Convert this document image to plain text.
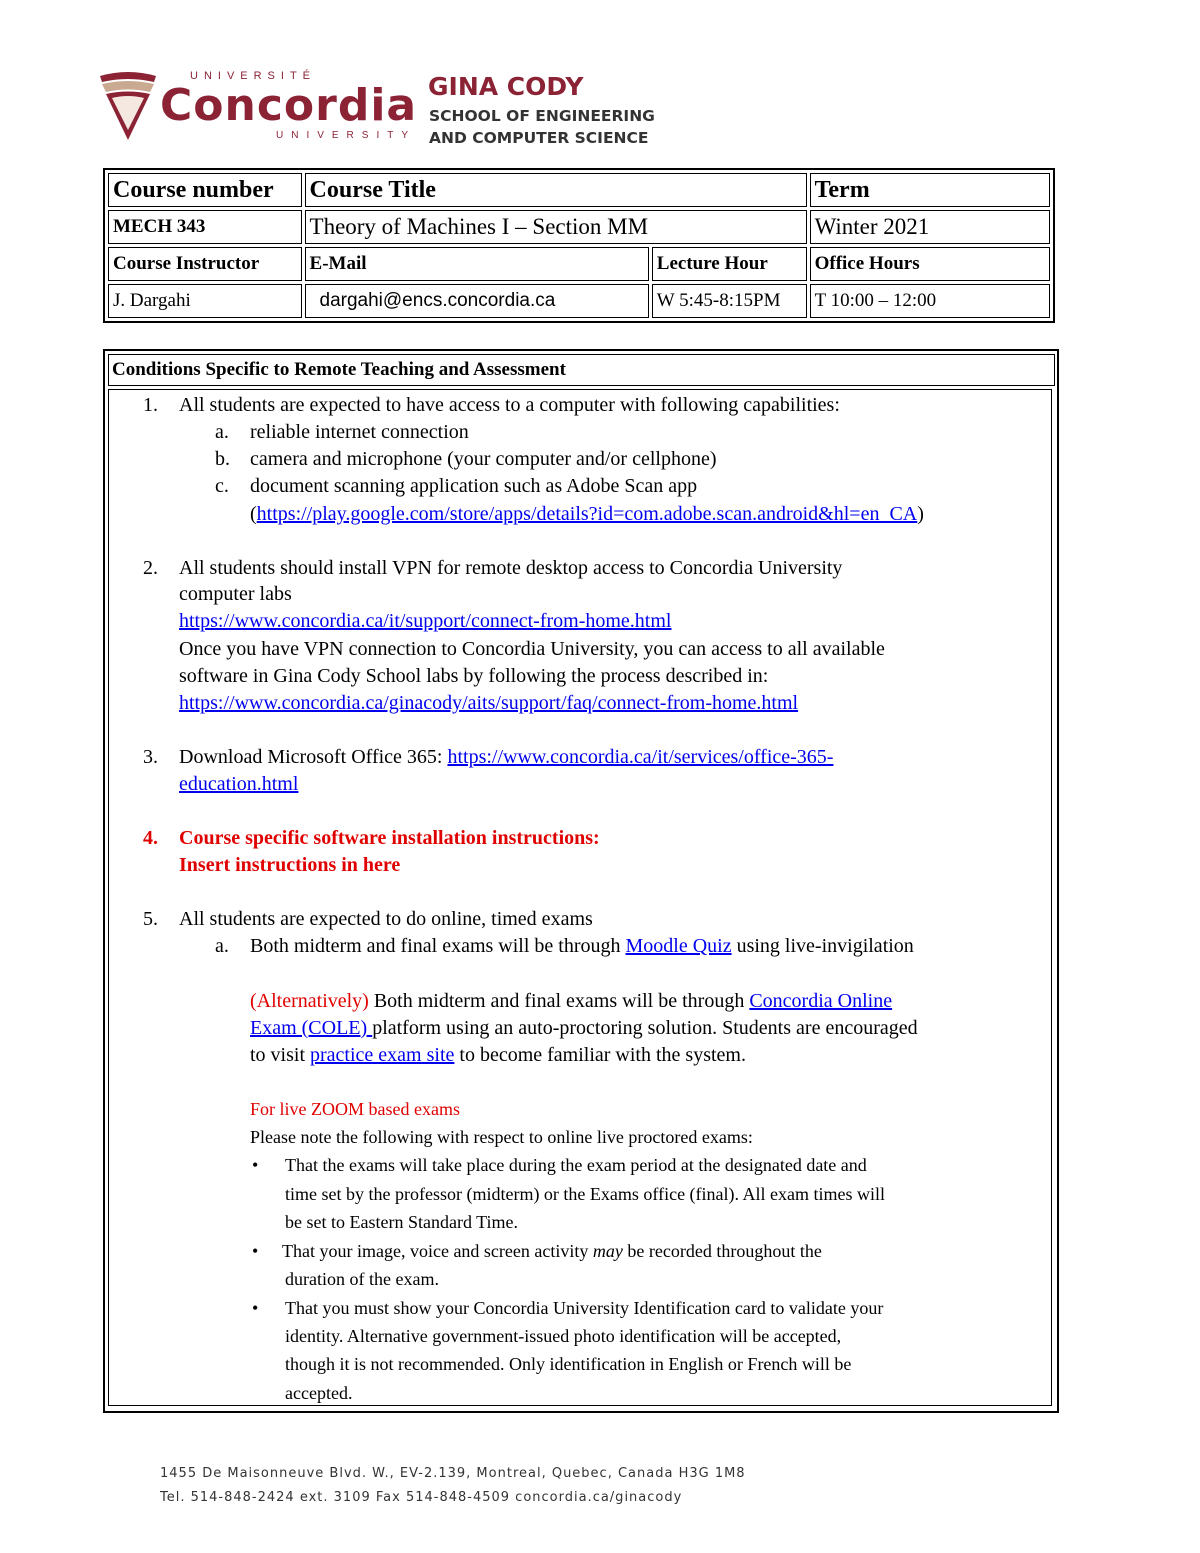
UNIVERSITÉ
Concordia
UNIVERSITY
GINA CODY
SCHOOL OF ENGINEERING
AND COMPUTER SCIENCE
Course number	Course Title		Term
MECH 343	Theory of Machines I – Section MM		Winter 2021
Course Instructor	E-Mail	Lecture Hour	Office Hours
J. Dargahi	dargahi@encs.concordia.ca	W 5:45-8:15PM	T 10:00 – 12:00
Conditions Specific to Remote Teaching and Assessment
1. All students are expected to have access to a computer with following capabilities:
a. reliable internet connection
b. camera and microphone (your computer and/or cellphone)
c. document scanning application such as Adobe Scan app
(https://play.google.com/store/apps/details?id=com.adobe.scan.android&hl=en_CA)
2. All students should install VPN for remote desktop access to Concordia University
computer labs
https://www.concordia.ca/it/support/connect-from-home.html
Once you have VPN connection to Concordia University, you can access to all available
software in Gina Cody School labs by following the process described in:
https://www.concordia.ca/ginacody/aits/support/faq/connect-from-home.html
3. Download Microsoft Office 365: https://www.concordia.ca/it/services/office-365-
education.html
4. Course specific software installation instructions:
Insert instructions in here
5. All students are expected to do online, timed exams
a. Both midterm and final exams will be through Moodle Quiz using live-invigilation
(Alternatively) Both midterm and final exams will be through Concordia Online
Exam (COLE) platform using an auto-proctoring solution. Students are encouraged
to visit practice exam site to become familiar with the system.
For live ZOOM based exams
Please note the following with respect to online live proctored exams:
• That the exams will take place during the exam period at the designated date and
time set by the professor (midterm) or the Exams office (final). All exam times will
be set to Eastern Standard Time.
• That your image, voice and screen activity may be recorded throughout the
duration of the exam.
• That you must show your Concordia University Identification card to validate your
identity. Alternative government-issued photo identification will be accepted,
though it is not recommended. Only identification in English or French will be
accepted.
1455 De Maisonneuve Blvd. W., EV-2.139, Montreal, Quebec, Canada H3G 1M8
Tel. 514-848-2424 ext. 3109 Fax 514-848-4509 concordia.ca/ginacody
